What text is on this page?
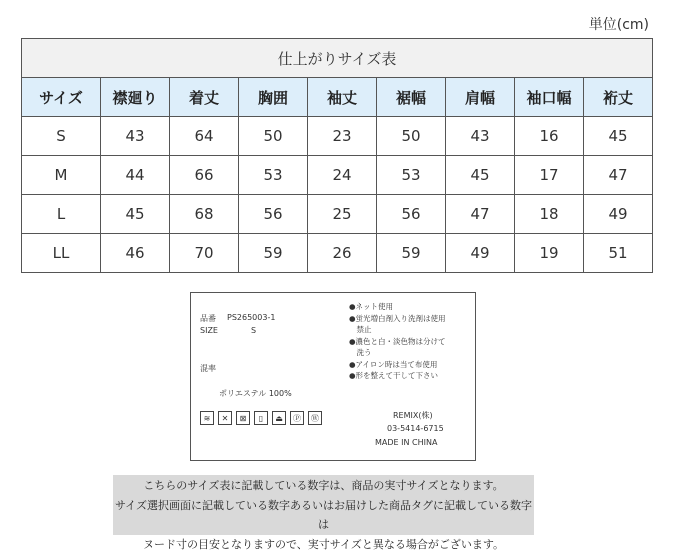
単位(cm)
仕上がりサイズ表								
サイズ	襟廻り	着丈	胸囲	袖丈	裾幅	肩幅	袖口幅	裄丈
S	43	64	50	23	50	43	16	45
M	44	66	53	24	53	45	17	47
L	45	68	56	25	56	47	18	49
LL	46	70	59	26	59	49	19	51
品番 PS265003-1
SIZE	S
混率
ポリエステル 100%
●ネット使用
●蛍光増白剤入り洗剤は使用
　禁止
●濃色と白・淡色物は分けて
　洗う
●アイロン時は当て布使用
●形を整えて干して下さい
≋	✕	⊠	▯	⏏	Ⓟ	Ⓦ	REMIX(株)
03-5414-6715
MADE IN CHINA
こちらのサイズ表に記載している数字は、商品の実寸サイズとなります。
サイズ選択画面に記載している数字あるいはお届けした商品タグに記載している数字は
ヌード寸の目安となりますので、実寸サイズと異なる場合がございます。
